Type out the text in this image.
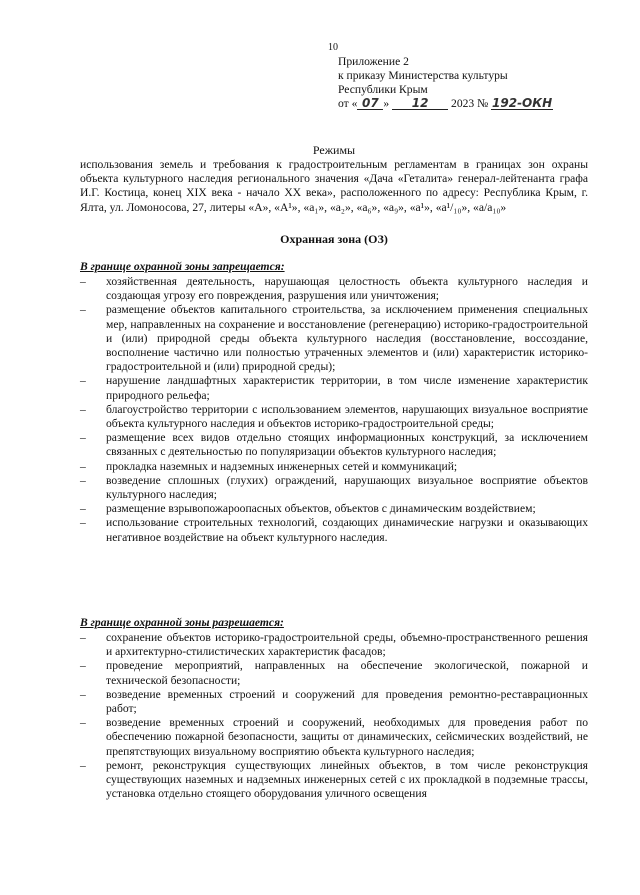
10
Приложение 2
к приказу Министерства культуры
Республики Крым
от « 07 » 12 2023 № 192-ОКН
Режимы
использования земель и требования к градостроительным регламентам в границах зон охраны объекта культурного наследия регионального значения «Дача «Геталита» генерал-лейтенанта графа И.Г. Костица, конец XIX века - начало XX века», расположенного по адресу: Республика Крым, г. Ялта, ул. Ломоносова, 27, литеры «А», «А¹», «а₁», «а₂», «а₆», «а₉», «а¹», «а¹/₁₀», «а/а₁₀»
Охранная зона (ОЗ)
В границе охранной зоны запрещается:
– хозяйственная деятельность, нарушающая целостность объекта культурного наследия и создающая угрозу его повреждения, разрушения или уничтожения;
– размещение объектов капитального строительства, за исключением применения специальных мер, направленных на сохранение и восстановление (регенерацию) историко-градостроительной и (или) природной среды объекта культурного наследия (восстановление, воссоздание, восполнение частично или полностью утраченных элементов и (или) характеристик историко-градостроительной и (или) природной среды);
– нарушение ландшафтных характеристик территории, в том числе изменение характеристик природного рельефа;
– благоустройство территории с использованием элементов, нарушающих визуальное восприятие объекта культурного наследия и объектов историко-градостроительной среды;
– размещение всех видов отдельно стоящих информационных конструкций, за исключением связанных с деятельностью по популяризации объектов культурного наследия;
– прокладка наземных и надземных инженерных сетей и коммуникаций;
– возведение сплошных (глухих) ограждений, нарушающих визуальное восприятие объектов культурного наследия;
– размещение взрывопожароопасных объектов, объектов с динамическим воздействием;
– использование строительных технологий, создающих динамические нагрузки и оказывающих негативное воздействие на объект культурного наследия.
В границе охранной зоны разрешается:
– сохранение объектов историко-градостроительной среды, объемно-пространственного решения и архитектурно-стилистических характеристик фасадов;
– проведение мероприятий, направленных на обеспечение экологической, пожарной и технической безопасности;
– возведение временных строений и сооружений для проведения ремонтно-реставрационных работ;
– возведение временных строений и сооружений, необходимых для проведения работ по обеспечению пожарной безопасности, защиты от динамических, сейсмических воздействий, не препятствующих визуальному восприятию объекта культурного наследия;
– ремонт, реконструкция существующих линейных объектов, в том числе реконструкция существующих наземных и надземных инженерных сетей с их прокладкой в подземные трассы, установка отдельно стоящего оборудования уличного освещения
